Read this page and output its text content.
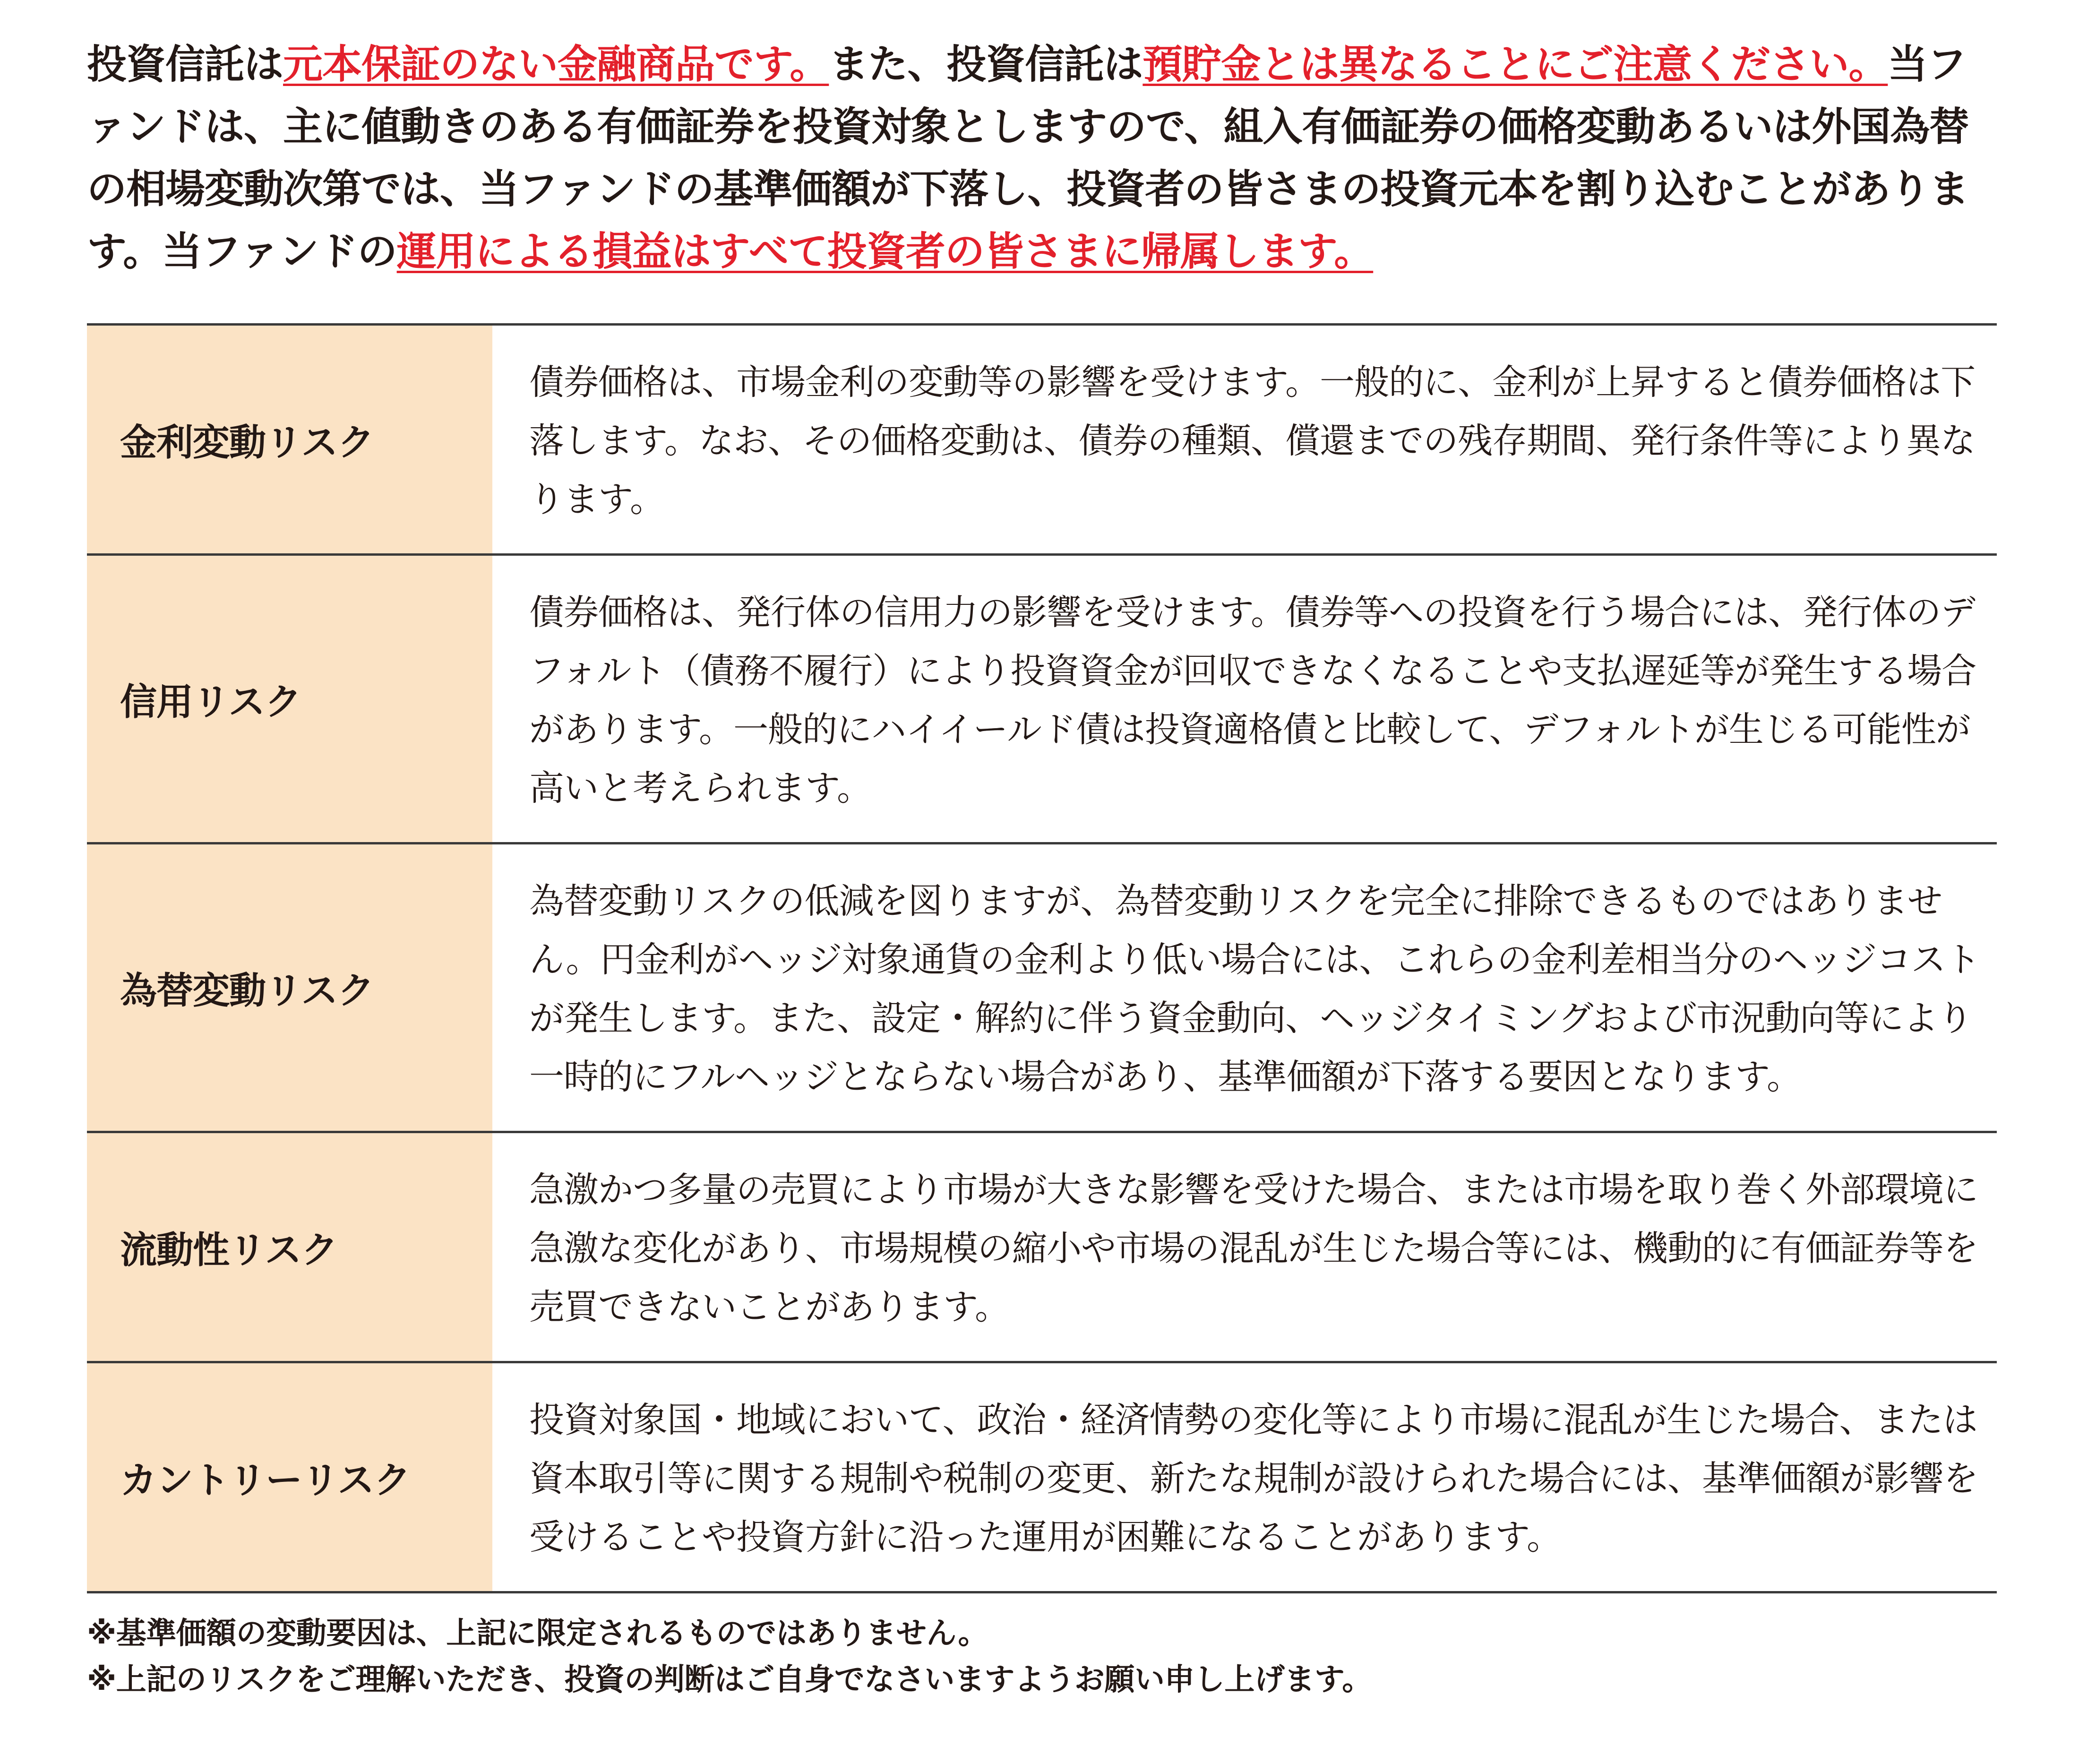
投資信託は元本保証のない金融商品です。また、投資信託は預貯金とは異なることにご注意ください。当ファンドは、主に値動きのある有価証券を投資対象としますので、組入有価証券の価格変動あるいは外国為替の相場変動次第では、当ファンドの基準価額が下落し、投資者の皆さまの投資元本を割り込むことがあります。当ファンドの運用による損益はすべて投資者の皆さまに帰属します。

金利変動リスク
債券価格は、市場金利の変動等の影響を受けます。一般的に、金利が上昇すると債券価格は下落します。なお、その価格変動は、債券の種類、償還までの残存期間、発行条件等により異なります。
信用リスク
債券価格は、発行体の信用力の影響を受けます。債券等への投資を行う場合には、発行体のデフォルト（債務不履行）により投資資金が回収できなくなることや支払遅延等が発生する場合があります。一般的にハイイールド債は投資適格債と比較して、デフォルトが生じる可能性が高いと考えられます。
為替変動リスク
為替変動リスクの低減を図りますが、為替変動リスクを完全に排除できるものではありません。円金利がヘッジ対象通貨の金利より低い場合には、これらの金利差相当分のヘッジコストが発生します。また、設定・解約に伴う資金動向、ヘッジタイミングおよび市況動向等により一時的にフルヘッジとならない場合があり、基準価額が下落する要因となります。
流動性リスク
急激かつ多量の売買により市場が大きな影響を受けた場合、または市場を取り巻く外部環境に急激な変化があり、市場規模の縮小や市場の混乱が生じた場合等には、機動的に有価証券等を売買できないことがあります。
カントリーリスク
投資対象国・地域において、政治・経済情勢の変化等により市場に混乱が生じた場合、または資本取引等に関する規制や税制の変更、新たな規制が設けられた場合には、基準価額が影響を受けることや投資方針に沿った運用が困難になることがあります。

※基準価額の変動要因は、上記に限定されるものではありません。

※上記のリスクをご理解いただき、投資の判断はご自身でなさいますようお願い申し上げます。
